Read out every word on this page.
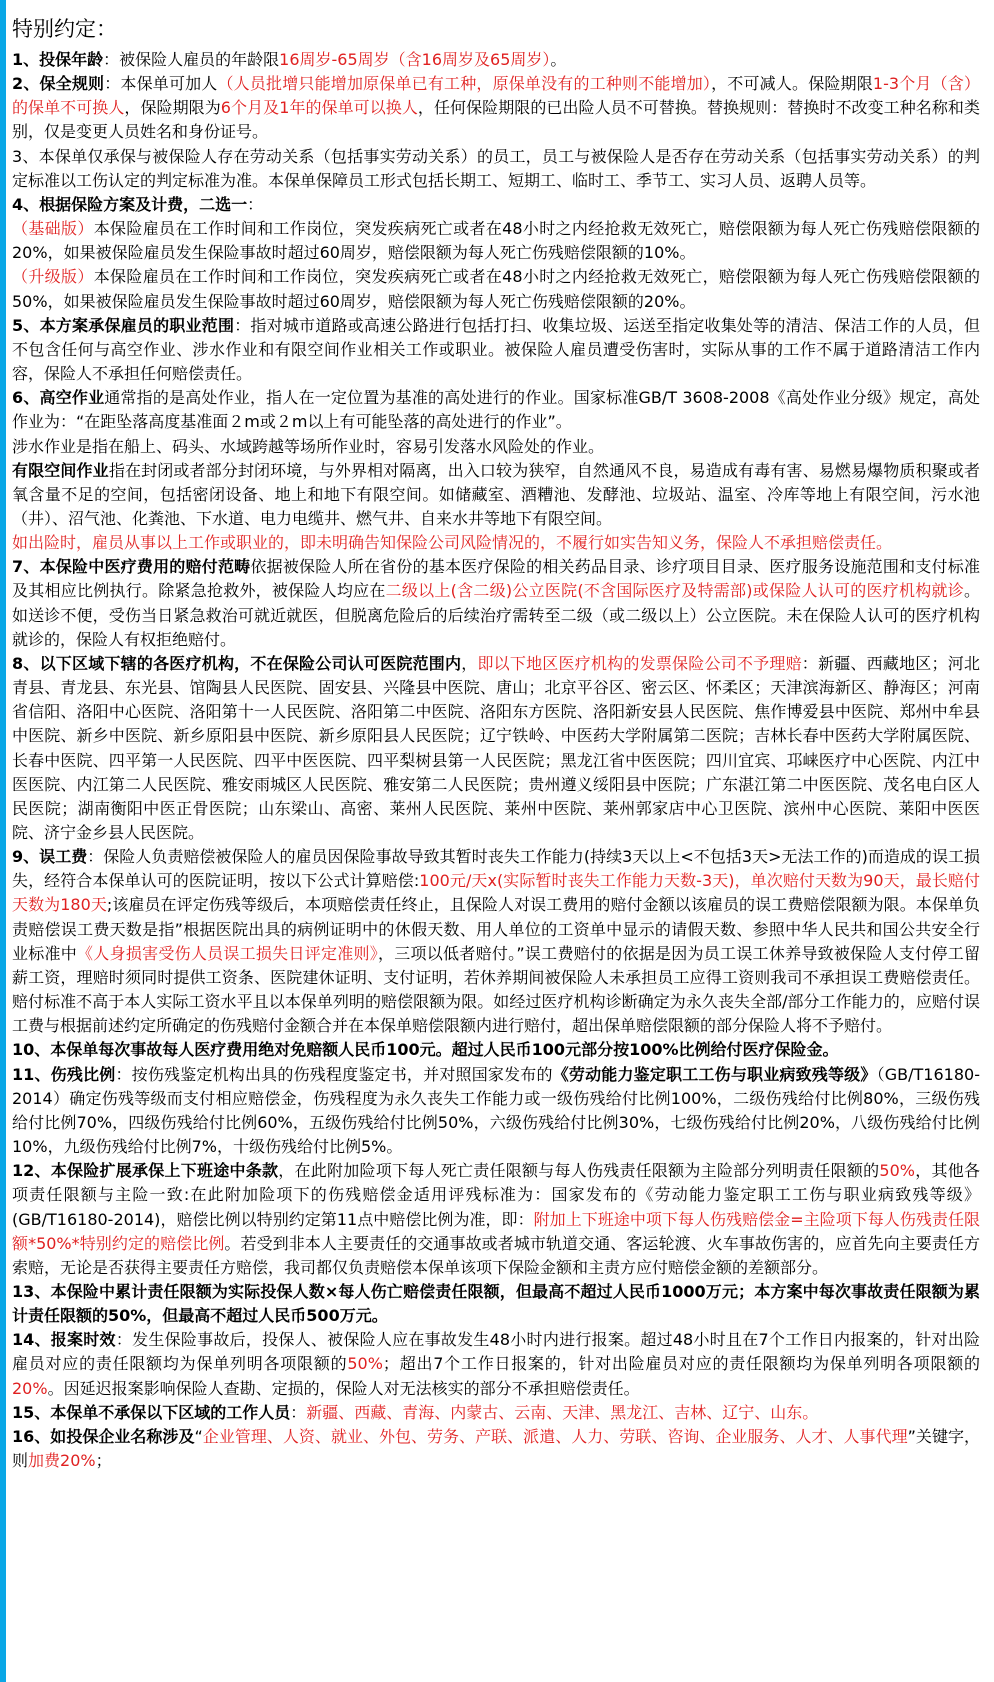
特别约定：

1、投保年龄：被保险人雇员的年龄限16周岁-65周岁（含16周岁及65周岁）。

2、保全规则：本保单可加人（人员批增只能增加原保单已有工种，原保单没有的工种则不能增加），不可减人。保险期限1-3个月（含）的保单不可换人，保险期限为6个月及1年的保单可以换人，任何保险期限的已出险人员不可替换。替换规则：替换时不改变工种名称和类别，仅是变更人员姓名和身份证号。

3、本保单仅承保与被保险人存在劳动关系（包括事实劳动关系）的员工，员工与被保险人是否存在劳动关系（包括事实劳动关系）的判定标准以工伤认定的判定标准为准。本保单保障员工形式包括长期工、短期工、临时工、季节工、实习人员、返聘人员等。

4、根据保险方案及计费，二选一：

（基础版）本保险雇员在工作时间和工作岗位，突发疾病死亡或者在48小时之内经抢救无效死亡，赔偿限额为每人死亡伤残赔偿限额的20%，如果被保险雇员发生保险事故时超过60周岁，赔偿限额为每人死亡伤残赔偿限额的10%。

（升级版）本保险雇员在工作时间和工作岗位，突发疾病死亡或者在48小时之内经抢救无效死亡，赔偿限额为每人死亡伤残赔偿限额的50%，如果被保险雇员发生保险事故时超过60周岁，赔偿限额为每人死亡伤残赔偿限额的20%。

5、本方案承保雇员的职业范围：指对城市道路或高速公路进行包括打扫、收集垃圾、运送至指定收集处等的清洁、保洁工作的人员，但不包含任何与高空作业、涉水作业和有限空间作业相关工作或职业。被保险人雇员遭受伤害时，实际从事的工作不属于道路清洁工作内容，保险人不承担任何赔偿责任。

6、高空作业通常指的是高处作业，指人在一定位置为基准的高处进行的作业。国家标准GB/T 3608-2008《高处作业分级》规定，高处作业为：“在距坠落高度基准面２m或２m以上有可能坠落的高处进行的作业”。

涉水作业是指在船上、码头、水域跨越等场所作业时，容易引发落水风险处的作业。

有限空间作业指在封闭或者部分封闭环境，与外界相对隔离，出入口较为狭窄，自然通风不良，易造成有毒有害、易燃易爆物质积聚或者氧含量不足的空间，包括密闭设备、地上和地下有限空间。如储藏室、酒糟池、发酵池、垃圾站、温室、冷库等地上有限空间，污水池（井）、沼气池、化粪池、下水道、电力电缆井、燃气井、自来水井等地下有限空间。

如出险时，雇员从事以上工作或职业的，即未明确告知保险公司风险情况的，不履行如实告知义务，保险人不承担赔偿责任。

7、本保险中医疗费用的赔付范畴依据被保险人所在省份的基本医疗保险的相关药品目录、诊疗项目目录、医疗服务设施范围和支付标准及其相应比例执行。除紧急抢救外，被保险人均应在二级以上(含二级)公立医院(不含国际医疗及特需部)或保险人认可的医疗机构就诊。如送诊不便，受伤当日紧急救治可就近就医，但脱离危险后的后续治疗需转至二级（或二级以上）公立医院。未在保险人认可的医疗机构就诊的，保险人有权拒绝赔付。

8、以下区域下辖的各医疗机构，不在保险公司认可医院范围内，即以下地区医疗机构的发票保险公司不予理赔：新疆、西藏地区；河北青县、青龙县、东光县、馆陶县人民医院、固安县、兴隆县中医院、唐山；北京平谷区、密云区、怀柔区；天津滨海新区、静海区；河南省信阳、洛阳中心医院、洛阳第十一人民医院、洛阳第二中医院、洛阳东方医院、洛阳新安县人民医院、焦作博爱县中医院、郑州中牟县中医院、新乡中医院、新乡原阳县中医院、新乡原阳县人民医院；辽宁铁岭、中医药大学附属第二医院；吉林长春中医药大学附属医院、长春中医院、四平第一人民医院、四平中医医院、四平梨树县第一人民医院；黑龙江省中医医院；四川宜宾、邛崃医疗中心医院、内江中医医院、内江第二人民医院、雅安雨城区人民医院、雅安第二人民医院；贵州遵义绥阳县中医院；广东湛江第二中医医院、茂名电白区人民医院；湖南衡阳中医正骨医院；山东梁山、高密、莱州人民医院、莱州中医院、莱州郭家店中心卫医院、滨州中心医院、莱阳中医医院、济宁金乡县人民医院。

9、误工费：保险人负责赔偿被保险人的雇员因保险事故导致其暂时丧失工作能力(持续3天以上<不包括3天>无法工作的)而造成的误工损失，经符合本保单认可的医院证明，按以下公式计算赔偿:100元/天x(实际暂时丧失工作能力天数-3天)，单次赔付天数为90天，最长赔付天数为180天;该雇员在评定伤残等级后，本项赔偿责任终止，且保险人对误工费用的赔付金额以该雇员的误工费赔偿限额为限。本保单负责赔偿误工费天数是指”根据医院出具的病例证明中的休假天数、用人单位的工资单中显示的请假天数、参照中华人民共和国公共安全行业标准中《人身损害受伤人员误工损失日评定准则》，三项以低者赔付。”误工费赔付的依据是因为员工误工休养导致被保险人支付停工留薪工资，理赔时须同时提供工资条、医院建休证明、支付证明，若休养期间被保险人未承担员工应得工资则我司不承担误工费赔偿责任。赔付标准不高于本人实际工资水平且以本保单列明的赔偿限额为限。如经过医疗机构诊断确定为永久丧失全部/部分工作能力的，应赔付误工费与根据前述约定所确定的伤残赔付金额合并在本保单赔偿限额内进行赔付，超出保单赔偿限额的部分保险人将不予赔付。

10、本保单每次事故每人医疗费用绝对免赔额人民币100元。超过人民币100元部分按100%比例给付医疗保险金。

11、伤残比例：按伤残鉴定机构出具的伤残程度鉴定书，并对照国家发布的《劳动能力鉴定职工工伤与职业病致残等级》（GB/T16180-2014）确定伤残等级而支付相应赔偿金，伤残程度为永久丧失工作能力或一级伤残给付比例100%，二级伤残给付比例80%，三级伤残给付比例70%，四级伤残给付比例60%，五级伤残给付比例50%，六级伤残给付比例30%，七级伤残给付比例20%，八级伤残给付比例10%，九级伤残给付比例7%，十级伤残给付比例5%。

12、本保险扩展承保上下班途中条款，在此附加险项下每人死亡责任限额与每人伤残责任限额为主险部分列明责任限额的50%，其他各项责任限额与主险一致:在此附加险项下的伤残赔偿金适用评残标准为：国家发布的《劳动能力鉴定职工工伤与职业病致残等级》(GB/T16180-2014)，赔偿比例以特别约定第11点中赔偿比例为准，即：附加上下班途中项下每人伤残赔偿金=主险项下每人伤残责任限额*50%*特别约定的赔偿比例。若受到非本人主要责任的交通事故或者城市轨道交通、客运轮渡、火车事故伤害的，应首先向主要责任方索赔，无论是否获得主要责任方赔偿，我司都仅负责赔偿本保单该项下保险金额和主责方应付赔偿金额的差额部分。

13、本保险中累计责任限额为实际投保人数×每人伤亡赔偿责任限额，但最高不超过人民币1000万元；本方案中每次事故责任限额为累计责任限额的50%，但最高不超过人民币500万元。

14、报案时效：发生保险事故后，投保人、被保险人应在事故发生48小时内进行报案。超过48小时且在7个工作日内报案的，针对出险雇员对应的责任限额均为保单列明各项限额的50%；超出7个工作日报案的，针对出险雇员对应的责任限额均为保单列明各项限额的20%。因延迟报案影响保险人查勘、定损的，保险人对无法核实的部分不承担赔偿责任。

15、本保单不承保以下区域的工作人员：新疆、西藏、青海、内蒙古、云南、天津、黑龙江、吉林、辽宁、山东。

16、如投保企业名称涉及“企业管理、人资、就业、外包、劳务、产联、派遣、人力、劳联、咨询、企业服务、人才、人事代理”关键字，则加费20%；
